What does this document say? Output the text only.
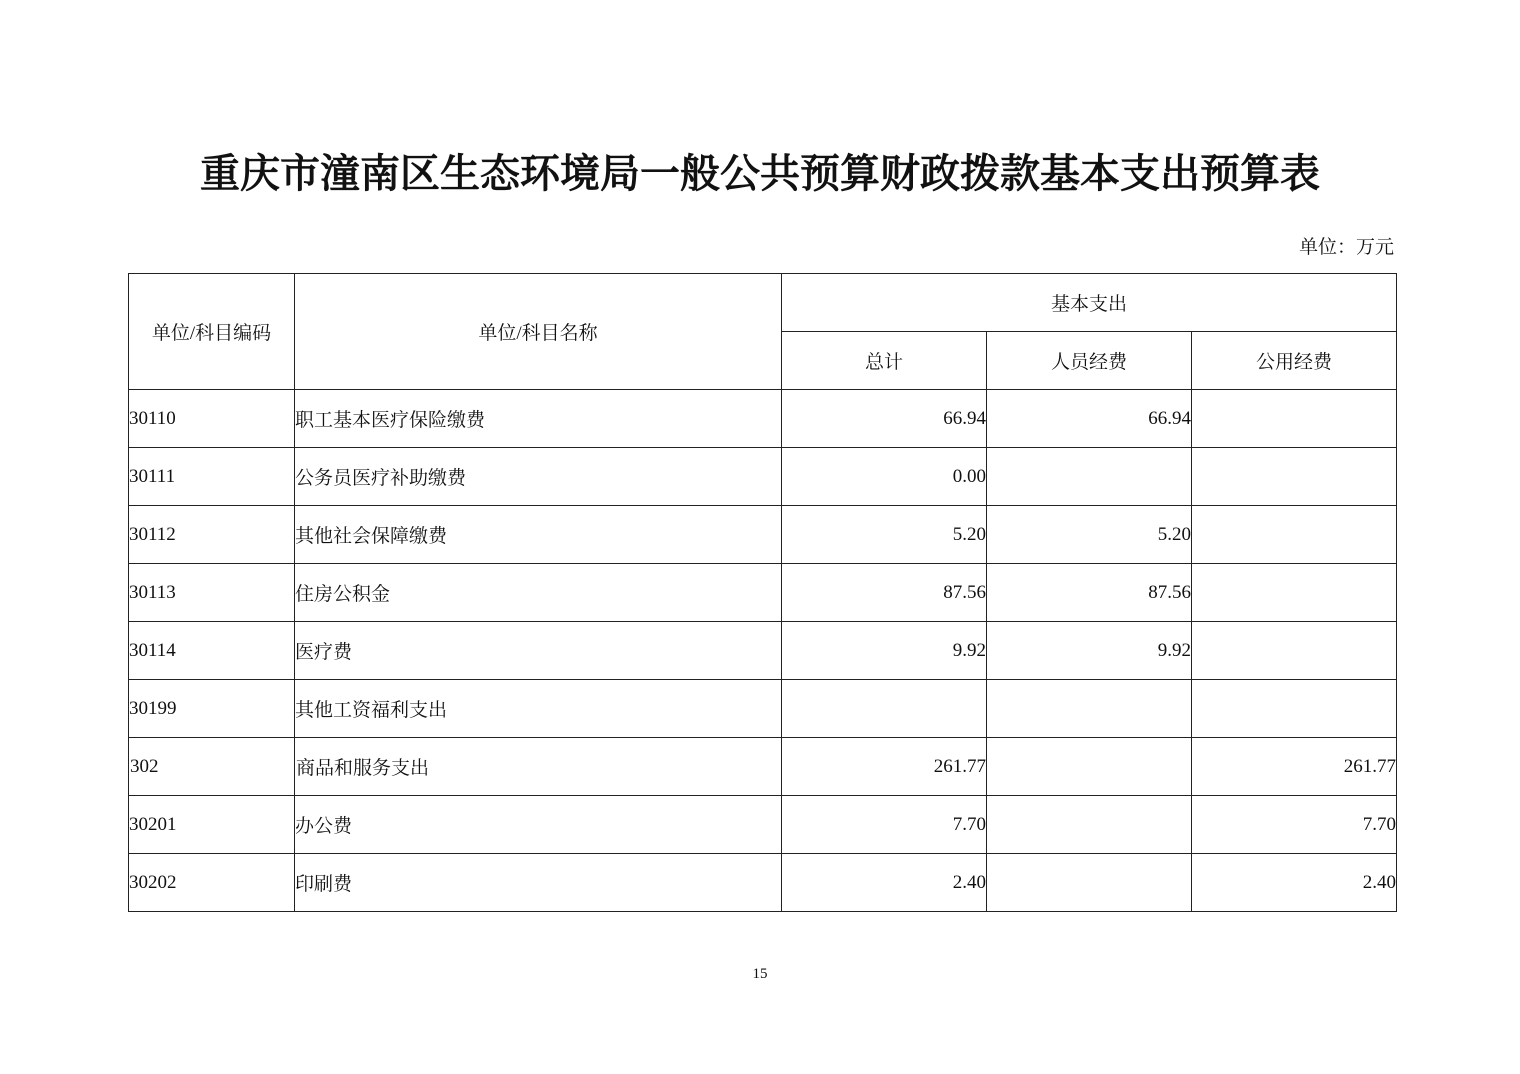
重庆市潼南区生态环境局一般公共预算财政拨款基本支出预算表
单位：万元
单位/科目编码	单位/科目名称	基本支出		
		总计	人员经费	公用经费
30110	职工基本医疗保险缴费	66.94	66.94	
30111	公务员医疗补助缴费	0.00		
30112	其他社会保障缴费	5.20	5.20	
30113	住房公积金	87.56	87.56	
30114	医疗费	9.92	9.92	
30199	其他工资福利支出			
302	商品和服务支出	261.77		261.77
30201	办公费	7.70		7.70
30202	印刷费	2.40		2.40
15
